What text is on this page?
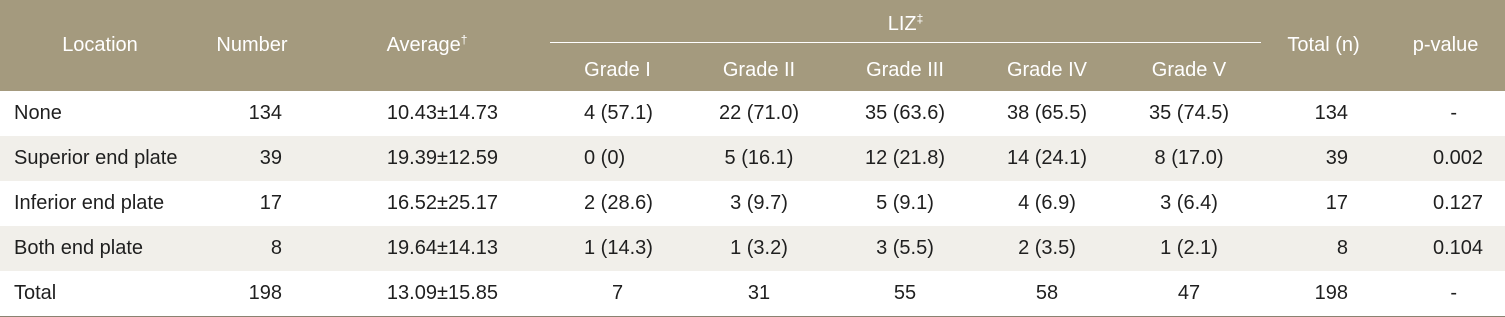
Location	Number	Average†	LIZ‡					Total (n)	p-value
			Grade I	Grade II	Grade III	Grade IV	Grade V		
None	134	10.43±14.73	4 (57.1)	22 (71.0)	35 (63.6)	38 (65.5)	35 (74.5)	134	-
Superior end plate	39	19.39±12.59	0 (0)	5 (16.1)	12 (21.8)	14 (24.1)	8 (17.0)	39	0.002
Inferior end plate	17	16.52±25.17	2 (28.6)	3 (9.7)	5 (9.1)	4 (6.9)	3 (6.4)	17	0.127
Both end plate	8	19.64±14.13	1 (14.3)	1 (3.2)	3 (5.5)	2 (3.5)	1 (2.1)	8	0.104
Total	198	13.09±15.85	7	31	55	58	47	198	-
